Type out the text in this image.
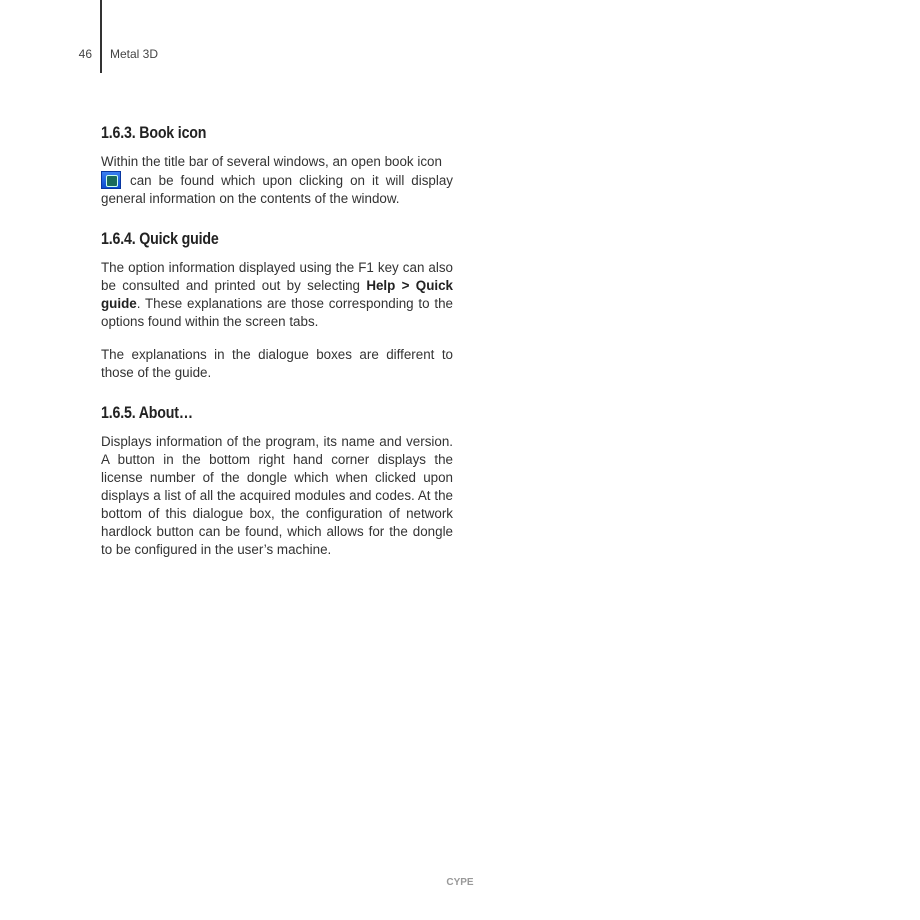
46 Metal 3D
1.6.3. Book icon

Within the title bar of several windows, an open book icon
can be found which upon clicking on it will display general information on the contents of the window.

1.6.4. Quick guide

The option information displayed using the F1 key can also be consulted and printed out by selecting Help > Quick guide. These explanations are those corresponding to the options found within the screen tabs.

The explanations in the dialogue boxes are different to those of the guide.

1.6.5. About…

Displays information of the program, its name and version. A button in the bottom right hand corner displays the license number of the dongle which when clicked upon displays a list of all the acquired modules and codes. At the bottom of this dialogue box, the configuration of network hardlock button can be found, which allows for the dongle to be configured in the user’s machine.

CYPE
